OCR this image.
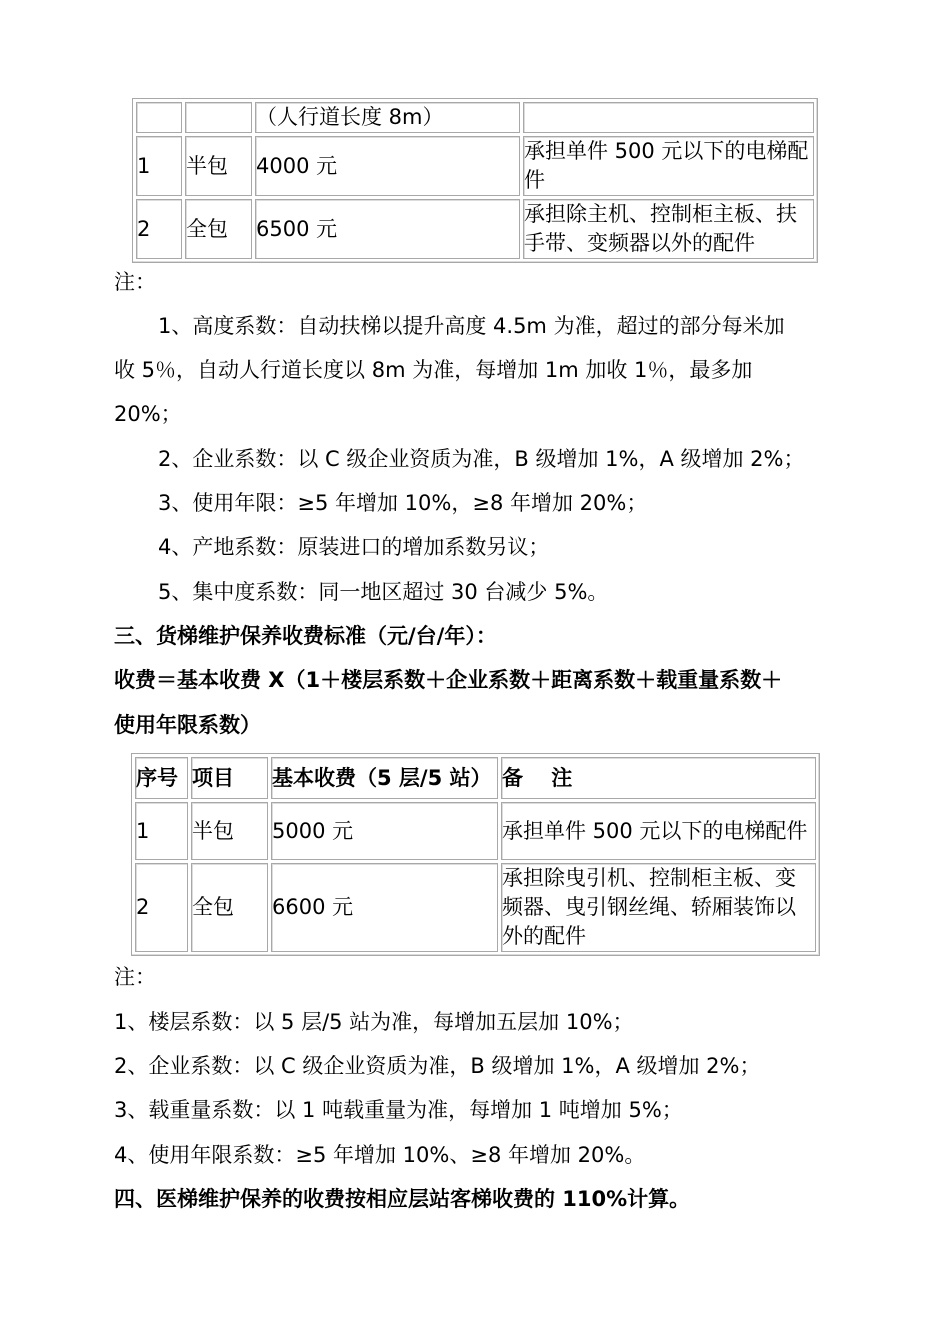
		（人行道长度 8m）	
1	半包	4000 元	承担单件 500 元以下的电梯配件
2	全包	6500 元	承担除主机、控制柜主板、扶手带、变频器以外的配件
注：
1、高度系数：自动扶梯以提升高度 4.5m 为准，超过的部分每米加
收 5％，自动人行道长度以 8m 为准，每增加 1m 加收 1％，最多加
20%；
2、企业系数：以 C 级企业资质为准，B 级增加 1%，A 级增加 2%；
3、使用年限：≥5 年增加 10%，≥8 年增加 20%；
4、产地系数：原装进口的增加系数另议；
5、集中度系数：同一地区超过 30 台减少 5%。
三、货梯维护保养收费标准（元/台/年）：
收费＝基本收费 X（1＋楼层系数＋企业系数＋距离系数＋载重量系数＋
使用年限系数）
序号	项目	基本收费（5 层/5 站）	备　 注
1	半包	5000 元	承担单件 500 元以下的电梯配件
2	全包	6600 元	承担除曳引机、控制柜主板、变频器、曳引钢丝绳、轿厢装饰以外的配件
注：
1、楼层系数：以 5 层/5 站为准，每增加五层加 10%；
2、企业系数：以 C 级企业资质为准，B 级增加 1%，A 级增加 2%；
3、载重量系数：以 1 吨载重量为准，每增加 1 吨增加 5%；
4、使用年限系数：≥5 年增加 10%、≥8 年增加 20%。
四、医梯维护保养的收费按相应层站客梯收费的 110%计算。
